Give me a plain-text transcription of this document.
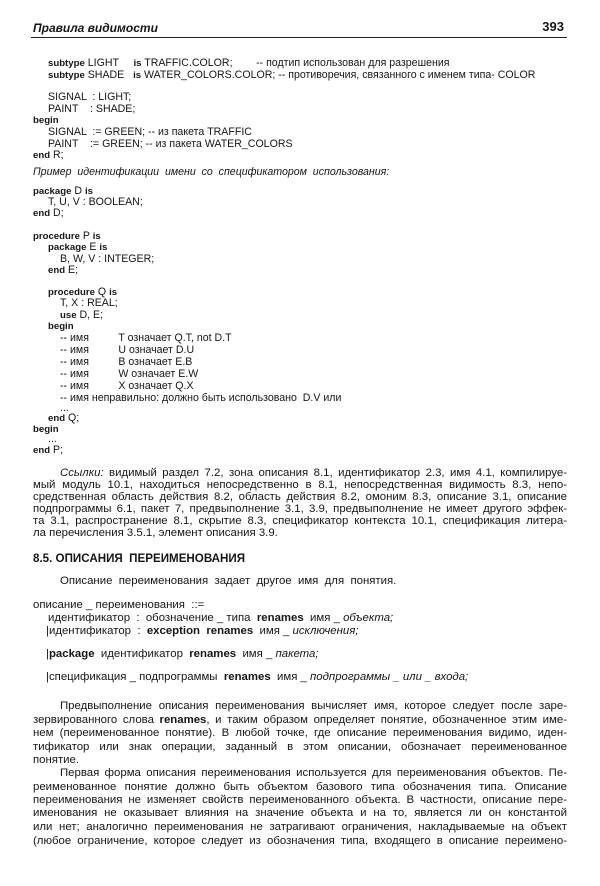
Правила видимости	393
8.5. ОПИСАНИЯ  ПЕРЕИМЕНОВАНИЯ
Описание  переименования  задает  другое  имя  для  понятия.
subtype LIGHT     is TRAFFIC.COLOR;        -- подтип использован для разрешения
subtype SHADE   is WATER_COLORS.COLOR; -- противоречия, связанного с именем типа- COLOR
SIGNAL  : LIGHT;
PAINT    : SHADE;
begin
SIGNAL  := GREEN; -- из пакета TRAFFIC
PAINT    := GREEN; -- из пакета WATER_COLORS
end R;
Пример  идентификации  имени  со  спецификатором  использования:
package D is
T, U, V : BOOLEAN;
end D;
procedure P is
package E is
B, W, V : INTEGER;
end E;
procedure Q is
T, X : REAL;
use D, E;
begin
-- имя          T означает Q.T, not D.T
-- имя          U означает D.U
-- имя          B означает E.B
-- имя          W означает E.W
-- имя          X означает Q.X
-- имя неправильно: должно быть использовано  D.V или
...
end Q;
begin
...
end P;
Ссылки: видимый раздел 7.2, зона описания 8.1, идентификатор 2.3, имя 4.1, компилируе-
мый модуль 10.1, находиться непосредственно в 8.1, непосредственная видимость 8.3, непо-
средственная область действия 8.2, область действия 8.2, омоним 8.3, описание 3.1, описание
подпрограммы 6.1, пакет 7, предвыполнение 3.1, 3.9, предвыполнение не имеет другого эффек-
та 3.1, распространение 8.1, скрытие 8.3, спецификатор контекста 10.1, спецификация литера-
ла перечисления 3.5.1, элемент описания 3.9.
описание _ переименования  ::=
идентификатор  :  обозначение _ типа  renames  имя _ объекта;
|идентификатор  :  exception  renames  имя _ исключения;
|package  идентификатор  renames  имя _ пакета;
|спецификация _ подпрограммы  renames  имя _ подпрограммы _ или _ входа;
Предвыполнение описания переименования вычисляет имя, которое следует после заре-
зервированного слова renames, и таким образом определяет понятие, обозначенное этим име-
нем (переименованное понятие). В любой точке, где описание переименования видимо, иден-
тификатор или знак операции, заданный в этом описании, обозначает переименованное
понятие.
Первая форма описания переименования используется для переименования объектов. Пе-
реименованное понятие должно быть объектом базового типа обозначения типа. Описание
переименования не изменяет свойств переименованного объекта. В частности, описание пере-
именования не оказывает влияния на значение объекта и на то, является ли он константой
или нет; аналогично переименования не затрагивают ограничения, накладываемые на объект
(любое ограничение, которое следует из обозначения типа, входящего в описание переимено-
